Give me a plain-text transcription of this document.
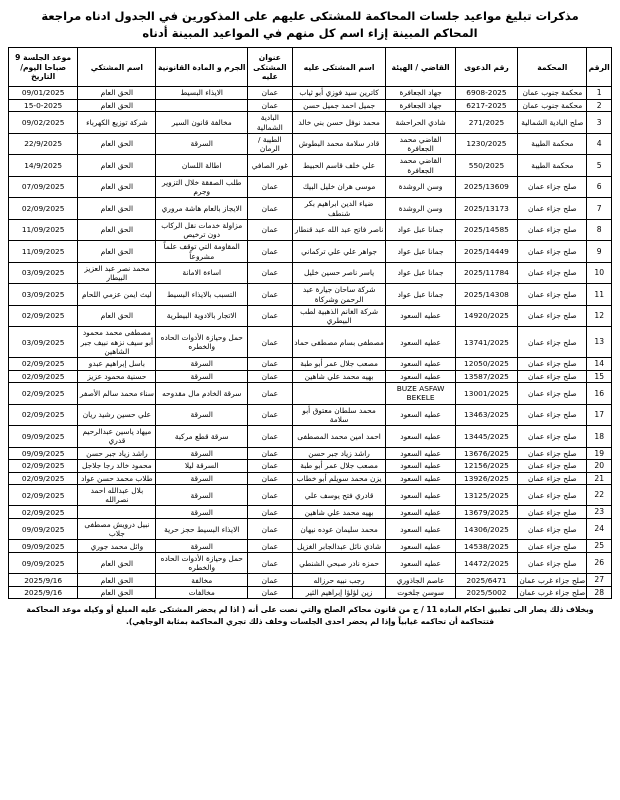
مذكرات تبليغ مواعيد جلسات المحاكمة للمشتكى عليهم على المذكورين في الجدول ادناه مراجعة المحاكم المبينة إزاء اسم كل منهم في المواعيد المبينة أدناه
الرقم	المحكمة	رقم الدعوى	القاضي / الهيئة	اسم المشتكى عليه	عنوان المشتكى عليه	الجرم و المادة القانونية	اسم المشتكي	موعد الجلسة 9 صباحا اليوم/التاريخ
1	محكمة جنوب عمان	6908-2025	جهاد الجعافرة	كاترين سيد فوزي أبو ثياب	عمان	الايذاء البسيط	الحق العام	09/01/2025
2	محكمة جنوب عمان	6217-2025	جهاد الجعافرة	جميل احمد جميل حسن	عمان		الحق العام	15-0-2025
3	صلح البادية الشمالية	271/2025	شادي الحراحشة	محمد نوفل حسن بني خالد	البادية الشمالية	مخالفة قانون السير	شركة توزيع الكهرباء	09/02/2025
4	محكمة الطيبة	1230/2025	القاضي محمد الجعافرة	قادر سلامة محمد البطوش	الطيبة / الرمان	السرقة	الحق العام	22/9/2025
5	محكمة الطيبة	550/2025	القاضي محمد الجعافرة	علي خلف قاسم الحبيط	غور الصافي	اطالة اللسان	الحق العام	14/9/2025
6	صلح جزاء عمان	2025/13609	وسن الروشدة	موسى هران خليل البيك	عمان	طلب الصفقة خلال التزوير وجرم	الحق العام	07/09/2025
7	صلح جزاء عمان	2025/13173	وسن الروشدة	ضياء الدين ابراهيم بكر شنطف	عمان	الايجاز بالعام هاشة مروري	الحق العام	02/09/2025
8	صلح جزاء عمان	2025/14585	جمانا عبل عواد	ناصر فاتح عبد الله عبد قنطار	عمان	مزاولة خدمات نقل الركاب دون ترخيص	الحق العام	11/09/2025
9	صلح جزاء عمان	2025/14449	جمانا عبل عواد	جواهر علي علي تركماني	عمان	المقاومة التي توقف علماً مشروعاً	الحق العام	11/09/2025
10	صلح جزاء عمان	2025/11784	جمانا عبل عواد	ياسر ناصر حسين خليل	عمان	اساءة الامانة	محمد نصر عبد العزيز البيطار	03/09/2025
11	صلح جزاء عمان	2025/14308	جمانا عبل عواد	شركة ساحان جيارة عبد الرحمن وشركاة	عمان	التسبب بالايذاء البسيط	ليث ايمن عزمي اللحام	03/09/2025
12	صلح جزاء عمان	14920/2025	عطيه السعود	شركة الغانم الذهبية لطب البيطري	عمان	الاتجار بالادوية البيطرية	الحق العام	02/09/2025
13	صلح جزاء عمان	13741/2025	عطيه السعود	مصطفى بسام مصطفى حماد	عمان	حمل وحيازة الأدوات الحاده والخطره	مصطفى محمد محمود أبو سيف نزهه نبيف جبر الشاهين	03/09/2025
14	صلح جزاء عمان	12050/2025	عطيه السعود	مصعب جلال عمر أبو طبة	عمان	السرقة	باسل إبراهيم عبدو	02/09/2025
15	صلح جزاء عمان	13587/2025	عطيه السعود	بهيه محمد علي شاهين	عمان	السرقة	حسنية محمود عزيز	02/09/2025
16	صلح جزاء عمان	13001/2025	BUZE ASFAW BEKELE		عمان	سرقة الخادم مال مقدوحه	سناء محمد سالم الأصفر	02/09/2025
17	صلح جزاء عمان	13463/2025	عطيه السعود	محمد سلطان معتوق أبو سلامة	عمان	السرقة	علي حسين رشيد ريان	02/09/2025
18	صلح جزاء عمان	13445/2025	عطيه السعود	احمد امين محمد المصطفى	عمان	سرقة قطع مركبة	ميهاد ياسين عبدالرحيم قدري	09/09/2025
19	صلح جزاء عمان	13676/2025	عطيه السعود	راشد زياد جبر حسن	عمان	السرقة	راشد زياد جبر حسن	09/09/2025
20	صلح جزاء عمان	12156/2025	عطيه السعود	مصعب جلال عمر أبو طبة	عمان	السرقة ليلا	محمود خالد رجا جلاجل	02/09/2025
21	صلح جزاء عمان	13926/2025	عطيه السعود	يزن محمد سويلم أبو خطاب	عمان	السرقة	طلاب محمد حسن عواد	02/09/2025
22	صلح جزاء عمان	13125/2025	عطيه السعود	قادري فتح يوسف علي	عمان	السرقة	بلال عبدالله احمد نصرالله	02/09/2025
23	صلح جزاء عمان	13679/2025	عطيه السعود	بهيه محمد علي شاهين	عمان	السرقة		02/09/2025
24	صلح جزاء عمان	14306/2025	عطيه السعود	محمد سليمان عوده نيهان	عمان	الايذاء البسيط حجز حرية	نبيل درويش مصطفى جلاب	09/09/2025
25	صلح جزاء عمان	14538/2025	عطيه السعود	شادي نائل عبدالجابر الغزيل	عمان	السرقة	وائل محمد جوري	09/09/2025
26	صلح جزاء عمان	14472/2025	عطيه السعود	حمزه نادر صبحي الشنطي	عمان	حمل وحيازة الأدوات الحاده والخطره	الحق العام	09/09/2025
27	صلح جزاء غرب عمان	2025/6471	عاصم الجاذوري	رجب نبيه حرزاله	عمان	مخالفة	الحق العام	2025/9/16
28	صلح جزاء غرب عمان	2025/5002	سوسن جلخوت	زين لؤلؤا إبراهيم الثير	عمان	مخالفات	الحق العام	2025/9/16
وبخلاف ذلك يصار الى تطبيق احكام المادة 11 / ج من قانون محاكم الصلح والتي نصت على أنه ( اذا لم يحضر المشتكى عليه المبلغ أو وكيله موعد المحاكمة فتتحاكمة أن تحاكمه غيابياً وإذا لم يحضر احدى الجلسات وخلف ذلك تجري المحاكمة بمثابة الوجاهي).
